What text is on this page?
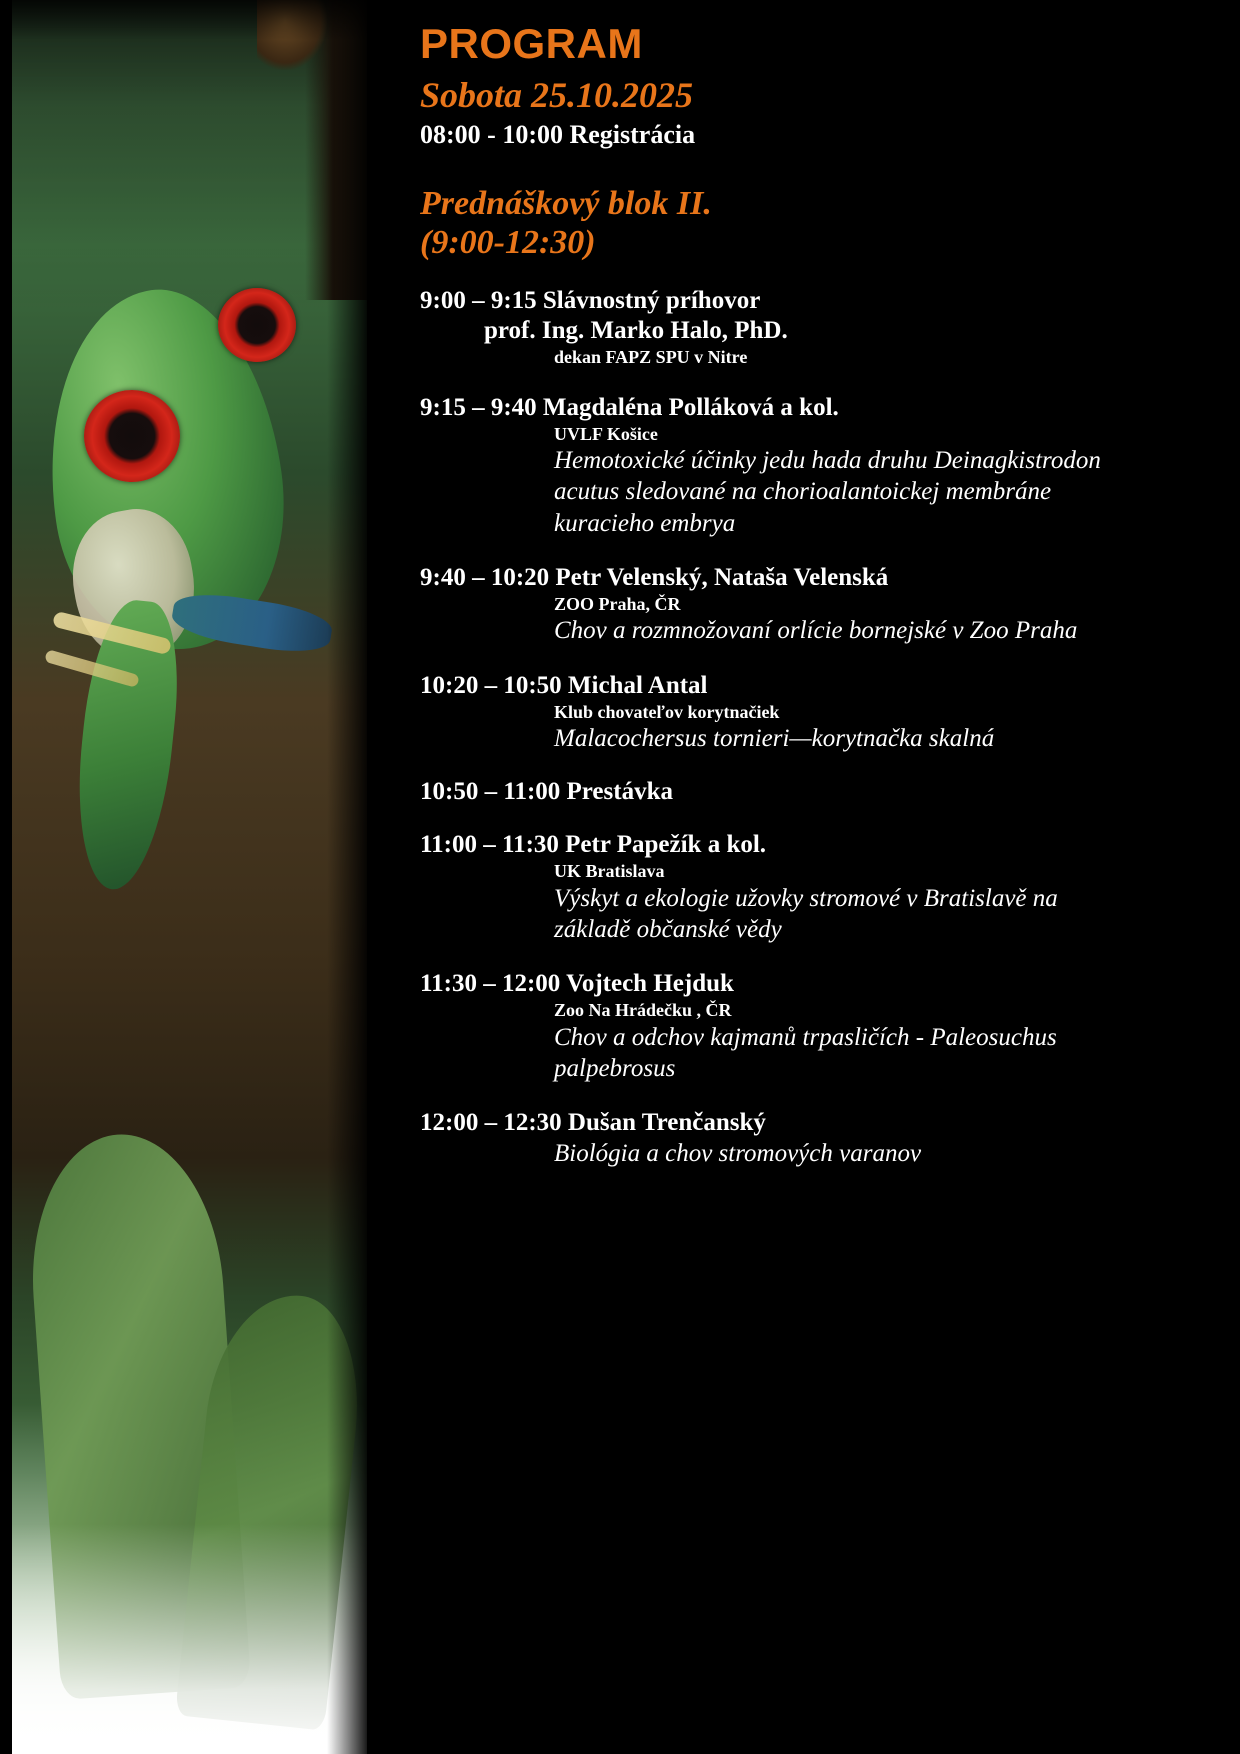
PROGRAM
Sobota 25.10.2025
08:00 - 10:00 Registrácia
Prednáškový blok II.
(9:00-12:30)
9:00 – 9:15 Slávnostný príhovor
prof. Ing. Marko Halo, PhD.
dekan FAPZ SPU v Nitre
9:15 – 9:40 Magdaléna Polláková a kol.
UVLF Košice
Hemotoxické účinky jedu hada druhu Deinagkistrodon acutus sledované na chorioalantoickej membráne kuracieho embrya
9:40 – 10:20 Petr Velenský, Nataša Velenská
ZOO Praha, ČR
Chov a rozmnožovaní orlície bornejské v Zoo Praha
10:20 – 10:50 Michal Antal
Klub chovateľov korytnačiek
Malacochersus tornieri—korytnačka skalná
10:50 – 11:00 Prestávka
11:00 – 11:30 Petr Papežík a kol.
UK Bratislava
Výskyt a ekologie užovky stromové v Bratislavě na základě občanské vědy
11:30 – 12:00 Vojtech Hejduk
Zoo Na Hrádečku , ČR
Chov a odchov kajmanů trpasličích - Paleosuchus palpebrosus
12:00 – 12:30 Dušan Trenčanský
Biológia a chov stromových varanov
